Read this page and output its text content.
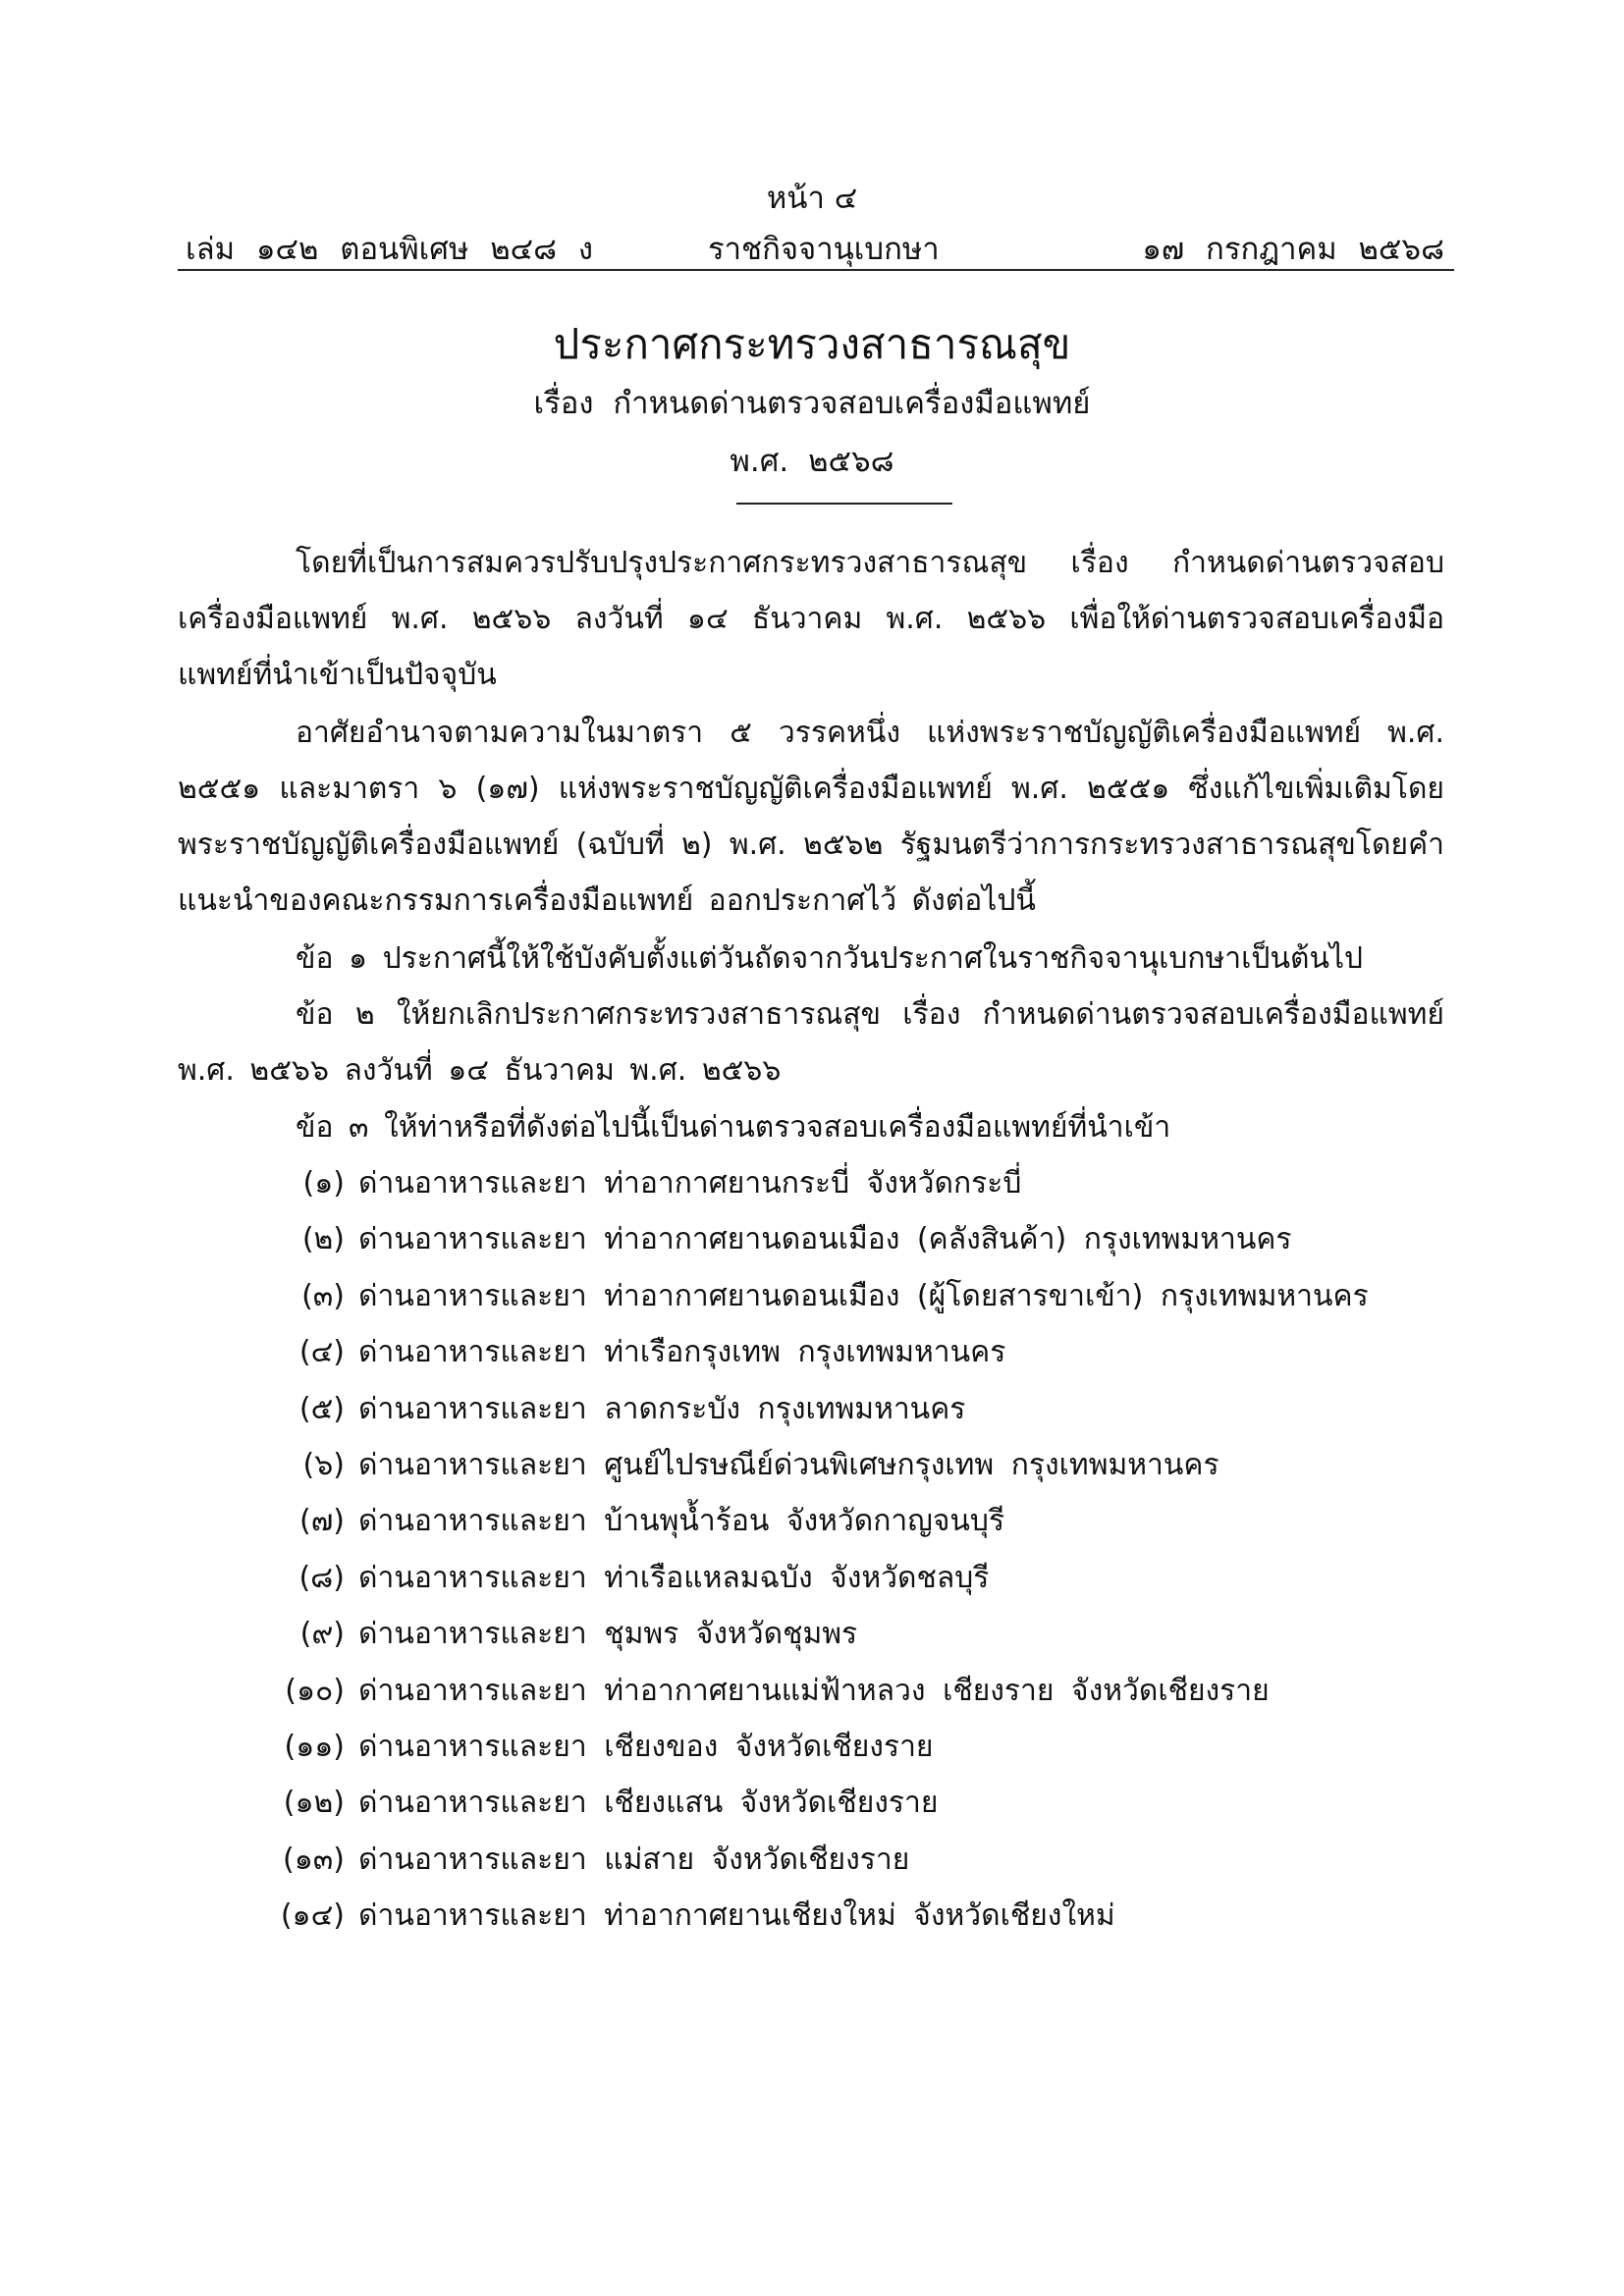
หน้า ๔
เล่ม ๑๔๒ ตอนพิเศษ ๒๔๘ ง	ราชกิจจานุเบกษา	๑๗ กรกฎาคม ๒๕๖๘
ประกาศกระทรวงสาธารณสุข
เรื่อง กำหนดด่านตรวจสอบเครื่องมือแพทย์
พ.ศ. ๒๕๖๘
โดยที่เป็นการสมควรปรับปรุงประกาศกระทรวงสาธารณสุข เรื่อง กำหนดด่านตรวจสอบเครื่องมือแพทย์ พ.ศ. ๒๕๖๖ ลงวันที่ ๑๔ ธันวาคม พ.ศ. ๒๕๖๖ เพื่อให้ด่านตรวจสอบเครื่องมือแพทย์ที่นำเข้าเป็นปัจจุบัน
อาศัยอำนาจตามความในมาตรา ๕ วรรคหนึ่ง แห่งพระราชบัญญัติเครื่องมือแพทย์ พ.ศ. ๒๕๕๑ และมาตรา ๖ (๑๗) แห่งพระราชบัญญัติเครื่องมือแพทย์ พ.ศ. ๒๕๕๑ ซึ่งแก้ไขเพิ่มเติมโดยพระราชบัญญัติเครื่องมือแพทย์ (ฉบับที่ ๒) พ.ศ. ๒๕๖๒ รัฐมนตรีว่าการกระทรวงสาธารณสุขโดยคำแนะนำของคณะกรรมการเครื่องมือแพทย์ ออกประกาศไว้ ดังต่อไปนี้
ข้อ ๑ ประกาศนี้ให้ใช้บังคับตั้งแต่วันถัดจากวันประกาศในราชกิจจานุเบกษาเป็นต้นไป
ข้อ ๒ ให้ยกเลิกประกาศกระทรวงสาธารณสุข เรื่อง กำหนดด่านตรวจสอบเครื่องมือแพทย์ พ.ศ. ๒๕๖๖ ลงวันที่ ๑๔ ธันวาคม พ.ศ. ๒๕๖๖
ข้อ ๓ ให้ท่าหรือที่ดังต่อไปนี้เป็นด่านตรวจสอบเครื่องมือแพทย์ที่นำเข้า
(๑) ด่านอาหารและยา ท่าอากาศยานกระบี่ จังหวัดกระบี่
(๒) ด่านอาหารและยา ท่าอากาศยานดอนเมือง (คลังสินค้า) กรุงเทพมหานคร
(๓) ด่านอาหารและยา ท่าอากาศยานดอนเมือง (ผู้โดยสารขาเข้า) กรุงเทพมหานคร
(๔) ด่านอาหารและยา ท่าเรือกรุงเทพ กรุงเทพมหานคร
(๕) ด่านอาหารและยา ลาดกระบัง กรุงเทพมหานคร
(๖) ด่านอาหารและยา ศูนย์ไปรษณีย์ด่วนพิเศษกรุงเทพ กรุงเทพมหานคร
(๗) ด่านอาหารและยา บ้านพุน้ำร้อน จังหวัดกาญจนบุรี
(๘) ด่านอาหารและยา ท่าเรือแหลมฉบัง จังหวัดชลบุรี
(๙) ด่านอาหารและยา ชุมพร จังหวัดชุมพร
(๑๐) ด่านอาหารและยา ท่าอากาศยานแม่ฟ้าหลวง เชียงราย จังหวัดเชียงราย
(๑๑) ด่านอาหารและยา เชียงของ จังหวัดเชียงราย
(๑๒) ด่านอาหารและยา เชียงแสน จังหวัดเชียงราย
(๑๓) ด่านอาหารและยา แม่สาย จังหวัดเชียงราย
(๑๔) ด่านอาหารและยา ท่าอากาศยานเชียงใหม่ จังหวัดเชียงใหม่
